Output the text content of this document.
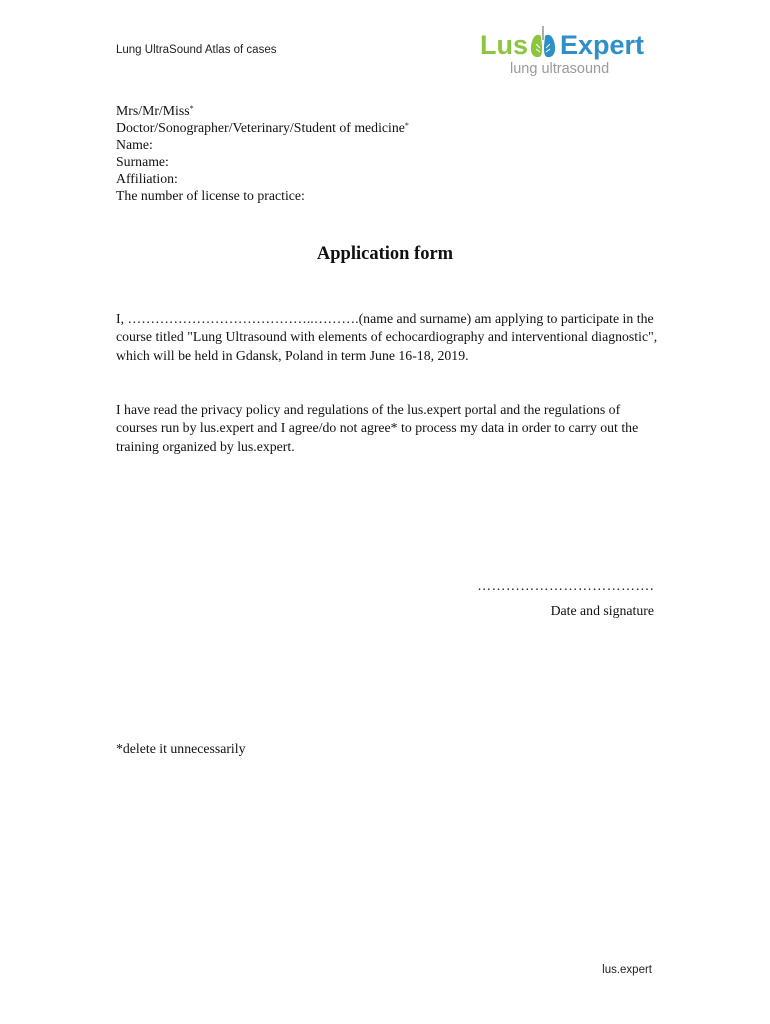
Lung UltraSound Atlas of cases	Lus Expert
lung ultrasound
Mrs/Mr/Miss*
Doctor/Sonographer/Veterinary/Student of medicine*
Name:
Surname:
Affiliation:
The number of license to practice:
Application form
I, …………………………………..……….(name and surname) am applying to participate in the course titled "Lung Ultrasound with elements of echocardiography and interventional diagnostic", which will be held in Gdansk, Poland in term June 16-18, 2019.
I have read the privacy policy and regulations of the lus.expert portal and the regulations of courses run by lus.expert and I agree/do not agree* to process my data in order to carry out the training organized by lus.expert.
……………………………….
Date and signature
*delete it unnecessarily
lus.expert
